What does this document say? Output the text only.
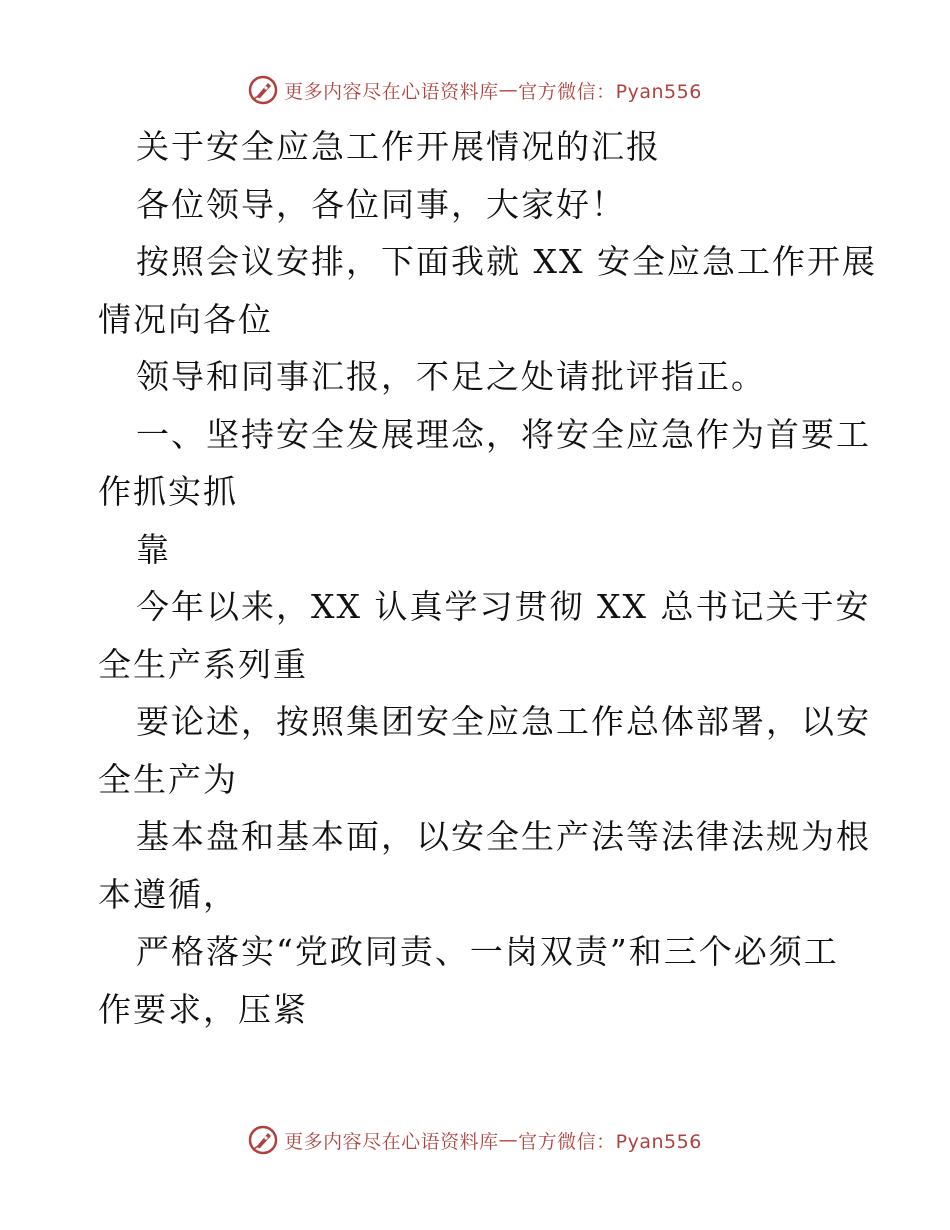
更多内容尽在心语资料库 — 官方微信：Pyan556
关于安全应急工作开展情况的汇报
各位领导，各位同事，大家好！
按照会议安排，下面我就 XX 安全应急工作开展
情况向各位
领导和同事汇报，不足之处请批评指正。
一、坚持安全发展理念，将安全应急作为首要工
作抓实抓
靠
今年以来，XX 认真学习贯彻 XX 总书记关于安
全生产系列重
要论述，按照集团安全应急工作总体部署，以安
全生产为
基本盘和基本面，以安全生产法等法律法规为根
本遵循，
严格落实“党政同责、一岗双责”和三个必须工
作要求，压紧
更多内容尽在心语资料库 — 官方微信：Pyan556
